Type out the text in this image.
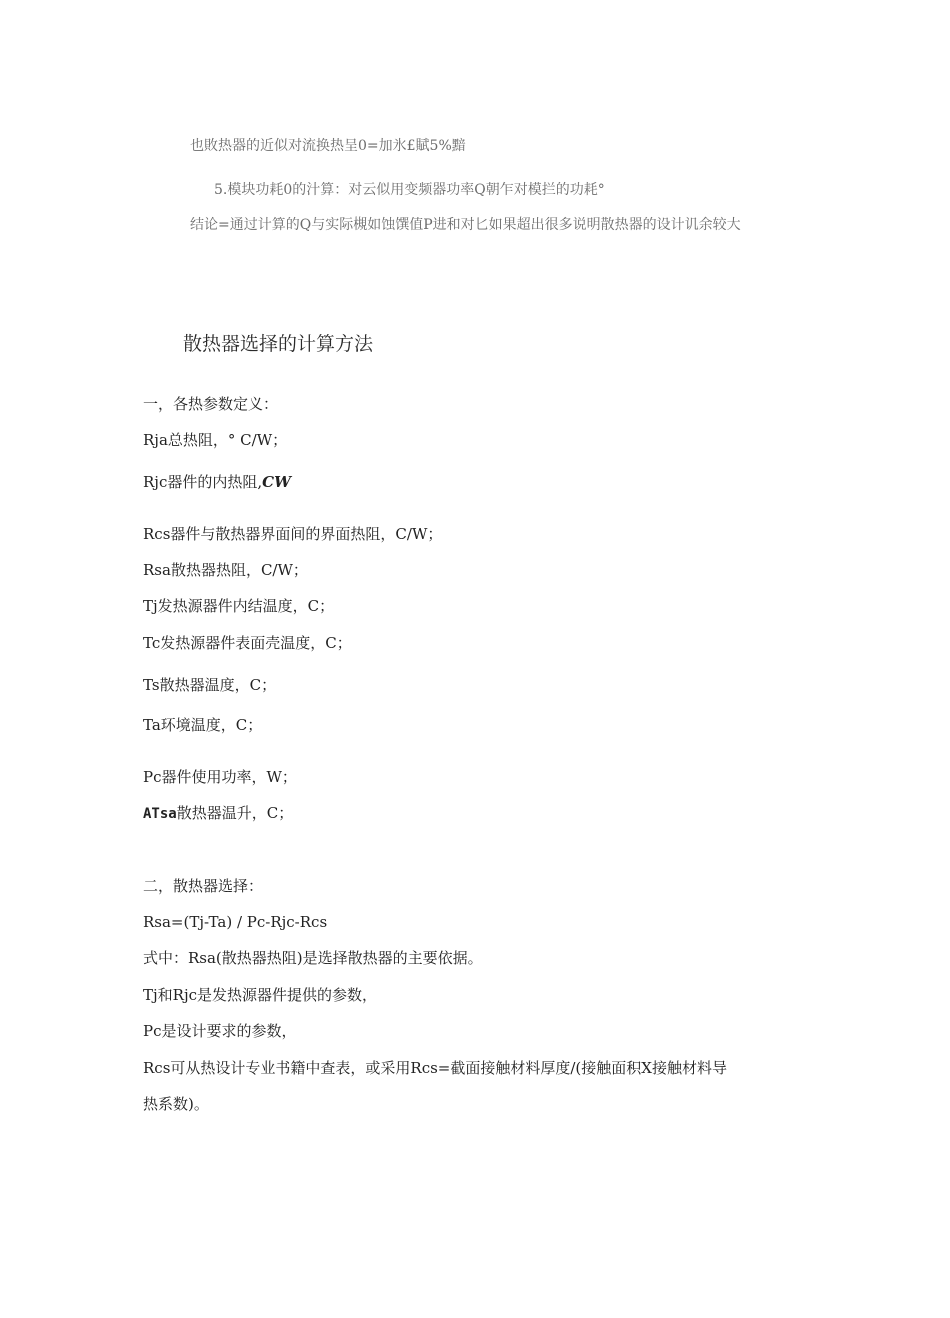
也敗热器的近似对流换热呈0=加氷£賦5%黯
5.模块功耗0的汁算：对云似用变频器功率Q朝乍对模拦的功耗°
结论=通过计算的Q与实际槻如蚀馔值P进和对匕如果超出很多说明散热器的设计讥余较大
散热器选择的计算方法
一，各热参数定义：
Rja总热阻，° C/W；
Rjc器件的内热阻,CW
Rcs器件与散热器界面间的界面热阻，C/W；
Rsa散热器热阻，C/W；
Tj发热源器件内结温度，C；
Tc发热源器件表面壳温度，C；
Ts散热器温度，C；
Ta环境温度，C；
Pc器件使用功率，W；
ATsa散热器温升，C；
二，散热器选择：
Rsa=(Tj-Ta) / Pc-Rjc-Rcs
式中：Rsa(散热器热阻)是选择散热器的主要依据。
Tj和Rjc是发热源器件提供的参数，
Pc是设计要求的参数，
Rcs可从热设计专业书籍中查表，或采用Rcs=截面接触材料厚度/(接触面积X接触材料导
热系数)。
